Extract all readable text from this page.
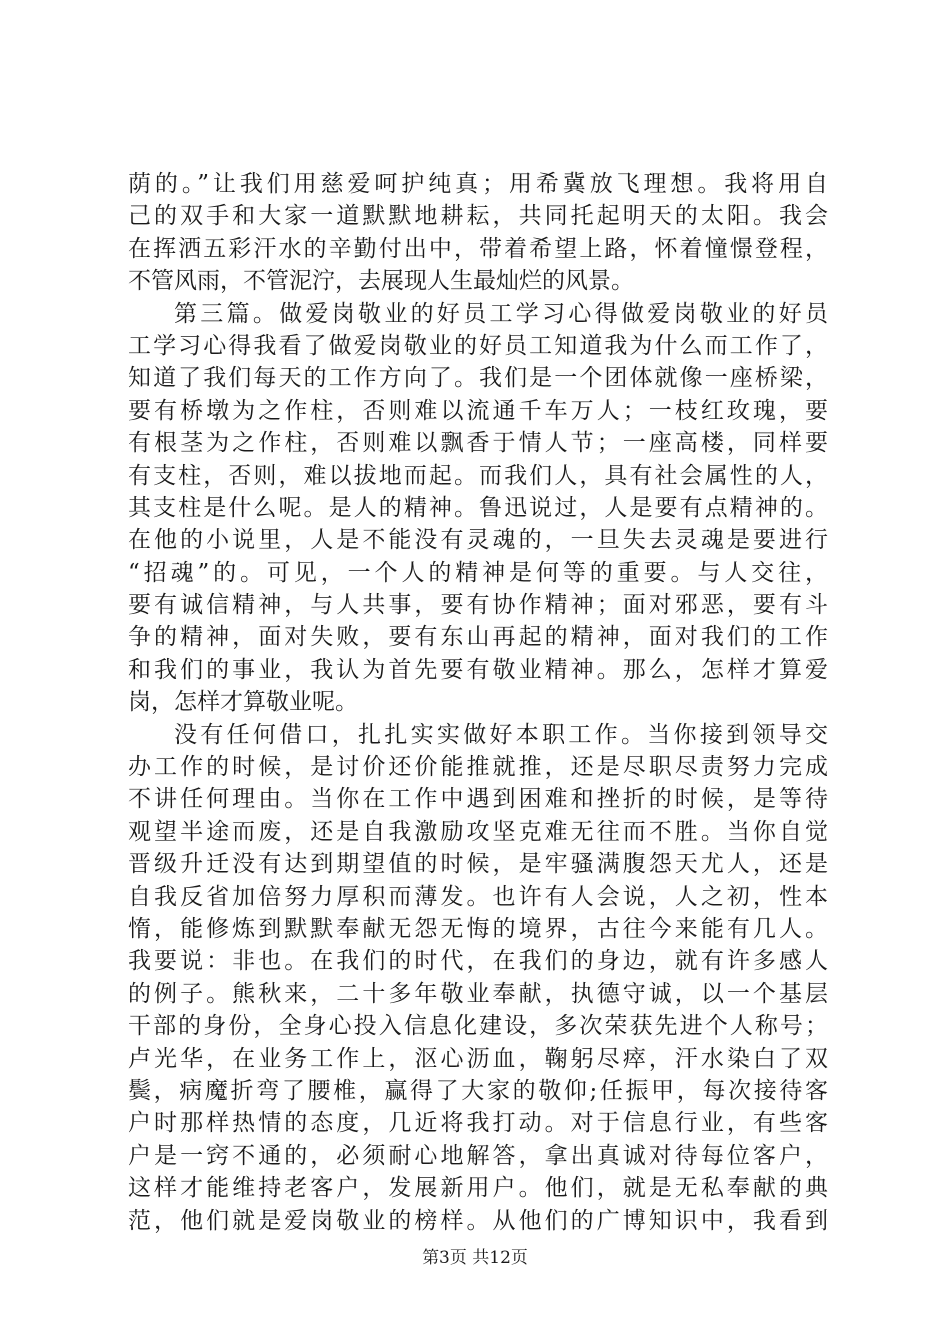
荫的。”让我们用慈爱呵护纯真；用希冀放飞理想。我将用自
己的双手和大家一道默默地耕耘，共同托起明天的太阳。我会
在挥洒五彩汗水的辛勤付出中，带着希望上路，怀着憧憬登程，
不管风雨，不管泥泞，去展现人生最灿烂的风景。
第三篇。做爱岗敬业的好员工学习心得做爱岗敬业的好员
工学习心得我看了做爱岗敬业的好员工知道我为什么而工作了，
知道了我们每天的工作方向了。我们是一个团体就像一座桥梁，
要有桥墩为之作柱，否则难以流通千车万人；一枝红玫瑰，要
有根茎为之作柱，否则难以飘香于情人节；一座高楼，同样要
有支柱，否则，难以拔地而起。而我们人，具有社会属性的人，
其支柱是什么呢。是人的精神。鲁迅说过，人是要有点精神的。
在他的小说里，人是不能没有灵魂的，一旦失去灵魂是要进行
“招魂”的。可见，一个人的精神是何等的重要。与人交往，
要有诚信精神，与人共事，要有协作精神；面对邪恶，要有斗
争的精神，面对失败，要有东山再起的精神，面对我们的工作
和我们的事业，我认为首先要有敬业精神。那么，怎样才算爱
岗，怎样才算敬业呢。
没有任何借口，扎扎实实做好本职工作。当你接到领导交
办工作的时候，是讨价还价能推就推，还是尽职尽责努力完成
不讲任何理由。当你在工作中遇到困难和挫折的时候，是等待
观望半途而废，还是自我激励攻坚克难无往而不胜。当你自觉
晋级升迁没有达到期望值的时候，是牢骚满腹怨天尤人，还是
自我反省加倍努力厚积而薄发。也许有人会说，人之初，性本
惰，能修炼到默默奉献无怨无悔的境界，古往今来能有几人。
我要说：非也。在我们的时代，在我们的身边，就有许多感人
的例子。熊秋来，二十多年敬业奉献，执德守诚，以一个基层
干部的身份，全身心投入信息化建设，多次荣获先进个人称号；
卢光华，在业务工作上，沤心沥血，鞠躬尽瘁，汗水染白了双
鬓，病魔折弯了腰椎，赢得了大家的敬仰;任振甲，每次接待客
户时那样热情的态度，几近将我打动。对于信息行业，有些客
户是一窍不通的，必须耐心地解答，拿出真诚对待每位客户，
这样才能维持老客户，发展新用户。他们，就是无私奉献的典
范，他们就是爱岗敬业的榜样。从他们的广博知识中，我看到
第3页 共12页
